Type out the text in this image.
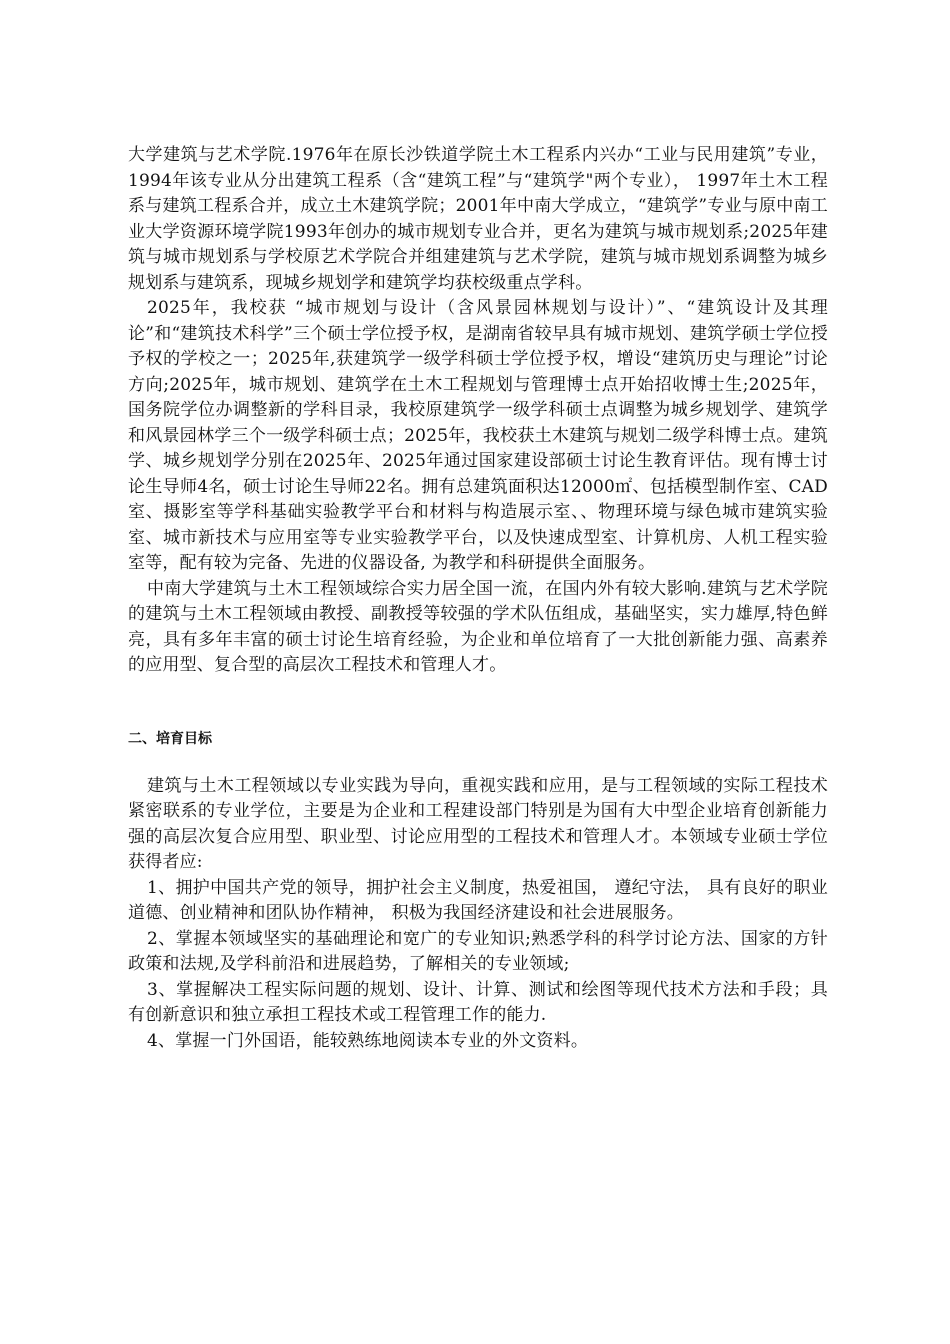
大学建筑与艺术学院.1976年在原长沙铁道学院土木工程系内兴办“工业与民用建筑”专业，1994年该专业从分出建筑工程系（含“建筑工程”与“建筑学"两个专业）， 1997年土木工程系与建筑工程系合并，成立土木建筑学院；2001年中南大学成立，“建筑学”专业与原中南工业大学资源环境学院1993年创办的城市规划专业合并，更名为建筑与城市规划系;2025年建筑与城市规划系与学校原艺术学院合并组建建筑与艺术学院，建筑与城市规划系调整为城乡规划系与建筑系，现城乡规划学和建筑学均获校级重点学科。

2025年，我校获 “城市规划与设计（含风景园林规划与设计）”、“建筑设计及其理论”和“建筑技术科学”三个硕士学位授予权，是湖南省较早具有城市规划、建筑学硕士学位授予权的学校之一；2025年,获建筑学一级学科硕士学位授予权，增设“建筑历史与理论”讨论方向;2025年，城市规划、建筑学在土木工程规划与管理博士点开始招收博士生;2025年，国务院学位办调整新的学科目录，我校原建筑学一级学科硕士点调整为城乡规划学、建筑学和风景园林学三个一级学科硕士点；2025年，我校获土木建筑与规划二级学科博士点。建筑学、城乡规划学分别在2025年、2025年通过国家建设部硕士讨论生教育评估。现有博士讨论生导师4名，硕士讨论生导师22名。拥有总建筑面积达12000㎡、包括模型制作室、CAD室、摄影室等学科基础实验教学平台和材料与构造展示室、、物理环境与绿色城市建筑实验室、城市新技术与应用室等专业实验教学平台，以及快速成型室、计算机房、人机工程实验室等，配有较为完备、先进的仪器设备, 为教学和科研提供全面服务。

中南大学建筑与土木工程领域综合实力居全国一流，在国内外有较大影响.建筑与艺术学院的建筑与土木工程领域由教授、副教授等较强的学术队伍组成，基础坚实，实力雄厚,特色鲜亮，具有多年丰富的硕士讨论生培育经验，为企业和单位培育了一大批创新能力强、高素养的应用型、复合型的高层次工程技术和管理人才。

二、培育目标

建筑与土木工程领域以专业实践为导向，重视实践和应用，是与工程领域的实际工程技术紧密联系的专业学位，主要是为企业和工程建设部门特别是为国有大中型企业培育创新能力强的高层次复合应用型、职业型、讨论应用型的工程技术和管理人才。本领域专业硕士学位获得者应:

1、拥护中国共产党的领导，拥护社会主义制度，热爱祖国， 遵纪守法， 具有良好的职业道德、创业精神和团队协作精神， 积极为我国经济建设和社会进展服务。

2、掌握本领域坚实的基础理论和宽广的专业知识;熟悉学科的科学讨论方法、国家的方针政策和法规,及学科前沿和进展趋势，了解相关的专业领域;

3、掌握解决工程实际问题的规划、设计、计算、测试和绘图等现代技术方法和手段；具有创新意识和独立承担工程技术或工程管理工作的能力.

4、掌握一门外国语，能较熟练地阅读本专业的外文资料。
